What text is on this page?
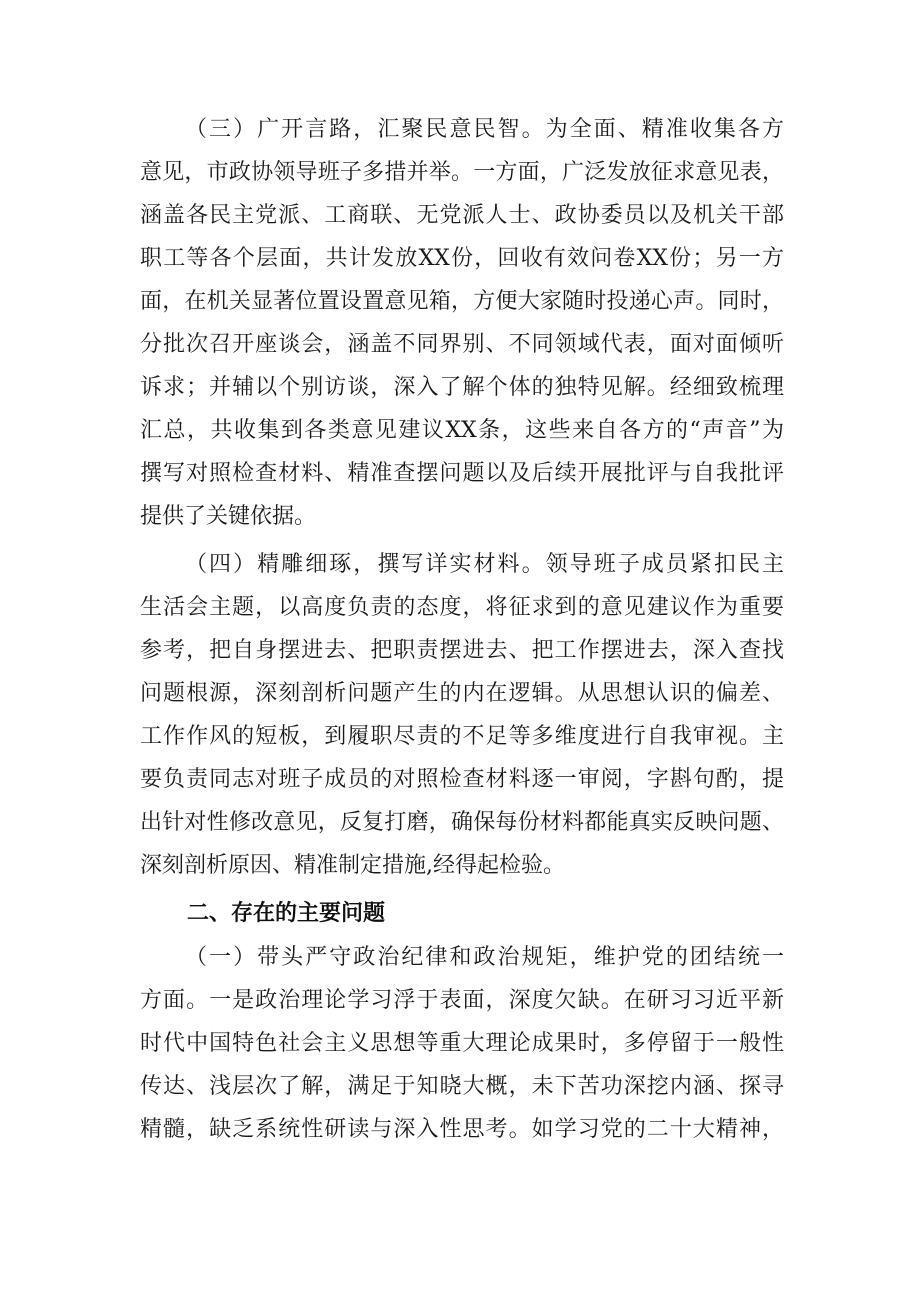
（三）广开言路，汇聚民意民智。为全面、精准收集各方
意见，市政协领导班子多措并举。一方面，广泛发放征求意见表，
涵盖各民主党派、工商联、无党派人士、政协委员以及机关干部
职工等各个层面，共计发放XX份，回收有效问卷XX份；另一方
面，在机关显著位置设置意见箱，方便大家随时投递心声。同时，
分批次召开座谈会，涵盖不同界别、不同领域代表，面对面倾听
诉求；并辅以个别访谈，深入了解个体的独特见解。经细致梳理
汇总，共收集到各类意见建议XX条，这些来自各方的“声音”为
撰写对照检查材料、精准查摆问题以及后续开展批评与自我批评
提供了关键依据。
（四）精雕细琢，撰写详实材料。领导班子成员紧扣民主
生活会主题，以高度负责的态度，将征求到的意见建议作为重要
参考，把自身摆进去、把职责摆进去、把工作摆进去，深入查找
问题根源，深刻剖析问题产生的内在逻辑。从思想认识的偏差、
工作作风的短板，到履职尽责的不足等多维度进行自我审视。主
要负责同志对班子成员的对照检查材料逐一审阅，字斟句酌，提
出针对性修改意见，反复打磨，确保每份材料都能真实反映问题、
深刻剖析原因、精准制定措施,经得起检验。
二、存在的主要问题
（一）带头严守政治纪律和政治规矩，维护党的团结统一
方面。一是政治理论学习浮于表面，深度欠缺。在研习习近平新
时代中国特色社会主义思想等重大理论成果时，多停留于一般性
传达、浅层次了解，满足于知晓大概，未下苦功深挖内涵、探寻
精髓，缺乏系统性研读与深入性思考。如学习党的二十大精神，
